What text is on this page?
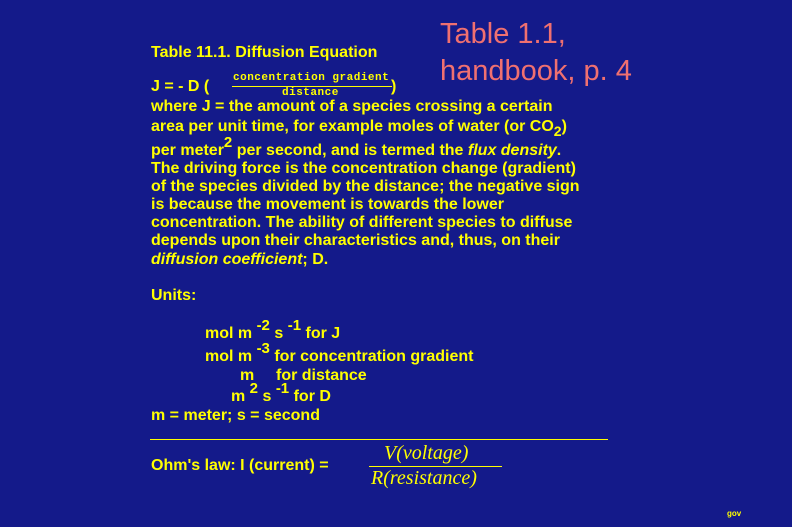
Table 11.1. Diffusion Equation
Table 1.1,
handbook, p. 4
J = - D ( concentration gradient
distance	)
where J = the amount of a species crossing a certain
area per unit time, for example moles of water (or $CO_2$)
per meter$^2$ per second, and is termed the flux density.
The driving force is the concentration change (gradient)
of the species divided by the distance; the negative sign
is because the movement is towards the lower
concentration. The ability of different species to diffuse
depends upon their characteristics and, thus, on their
diffusion coefficient; D.
Units:
mol m $^{-2}$ s $^{-1}$ for J
mol m $^{-3}$ for concentration gradient
m for distance
m $^2$ s $^{-1}$ for D
m = meter; s = second
Ohm's law: I (current) =
V(voltage)
R(resistance)
gov
